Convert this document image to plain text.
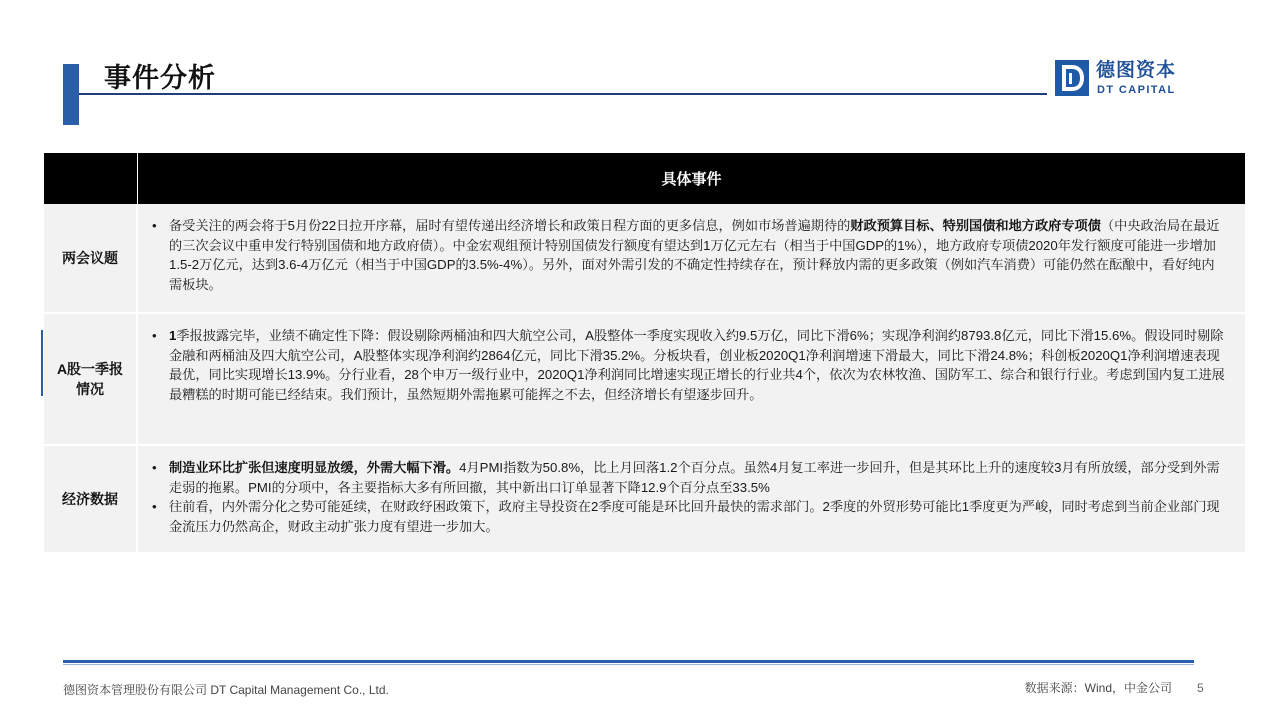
事件分析	德图资本
DT CAPITAL
具体事件
两会议题
• 备受关注的两会将于5月份22日拉开序幕，届时有望传递出经济增长和政策日程方面的更多信息，例如市场普遍期待的财政预算目标、特别国债和地方政府专项债（中央政治局在最近的三次会议中重申发行特别国债和地方政府债）。中金宏观组预计特别国债发行额度有望达到1万亿元左右（相当于中国GDP的1%），地方政府专项债2020年发行额度可能进一步增加1.5-2万亿元，达到3.6-4万亿元（相当于中国GDP的3.5%-4%）。另外，面对外需引发的不确定性持续存在，预计释放内需的更多政策（例如汽车消费）可能仍然在酝酿中，看好纯内需板块。
A股一季报情况
• 1季报披露完毕，业绩不确定性下降：假设剔除两桶油和四大航空公司，A股整体一季度实现收入约9.5万亿，同比下滑6%；实现净利润约8793.8亿元，同比下滑15.6%。假设同时剔除金融和两桶油及四大航空公司，A股整体实现净利润约2864亿元，同比下滑35.2%。分板块看，创业板2020Q1净利润增速下滑最大，同比下滑24.8%；科创板2020Q1净利润增速表现最优，同比实现增长13.9%。分行业看，28个申万一级行业中，2020Q1净利润同比增速实现正增长的行业共4个，依次为农林牧渔、国防军工、综合和银行行业。考虑到国内复工进展最糟糕的时期可能已经结束。我们预计，虽然短期外需拖累可能挥之不去，但经济增长有望逐步回升。
经济数据
• 制造业环比扩张但速度明显放缓，外需大幅下滑。4月PMI指数为50.8%，比上月回落1.2个百分点。虽然4月复工率进一步回升，但是其环比上升的速度较3月有所放缓，部分受到外需走弱的拖累。PMI的分项中，各主要指标大多有所回撤，其中新出口订单显著下降12.9个百分点至33.5%
• 往前看，内外需分化之势可能延续，在财政纾困政策下，政府主导投资在2季度可能是环比回升最快的需求部门。2季度的外贸形势可能比1季度更为严峻，同时考虑到当前企业部门现金流压力仍然高企，财政主动扩张力度有望进一步加大。
德图资本管理股份有限公司 DT Capital Management Co., Ltd.	数据来源：Wind，中金公司 5
